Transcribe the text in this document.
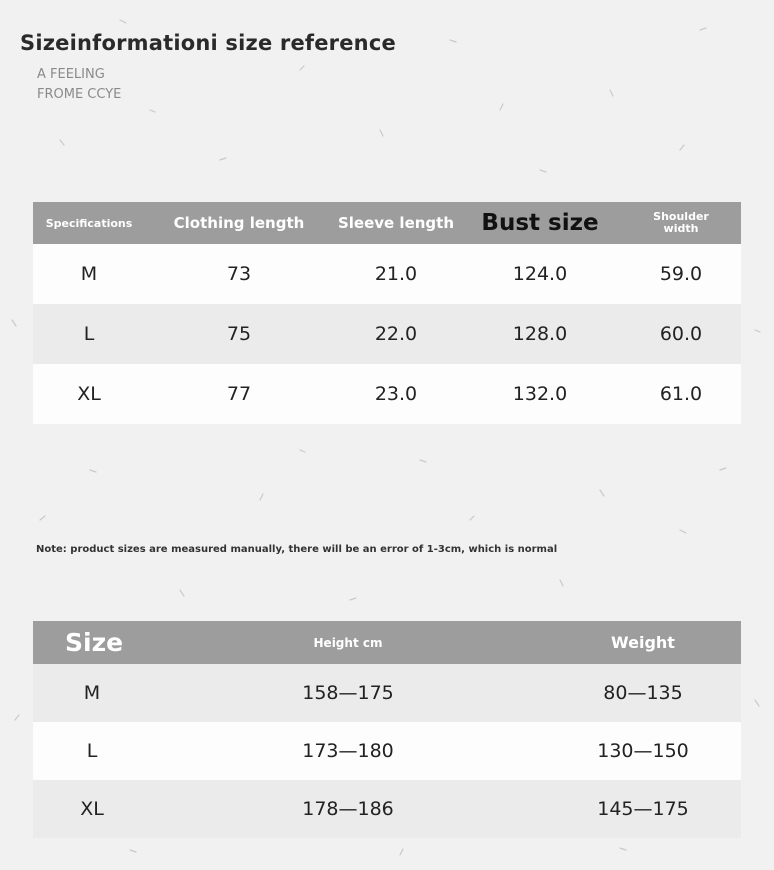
Sizeinformationi size reference
A FEELING
FROME CCYE
Specifications	Clothing length	Sleeve length	Bust size	Shoulder
width
M	73	21.0	124.0	59.0
L	75	22.0	128.0	60.0
XL	77	23.0	132.0	61.0
Note: product sizes are measured manually, there will be an error of 1-3cm, which is normal
Size	Height cm	Weight
M	158—175	80—135
L	173—180	130—150
XL	178—186	145—175
